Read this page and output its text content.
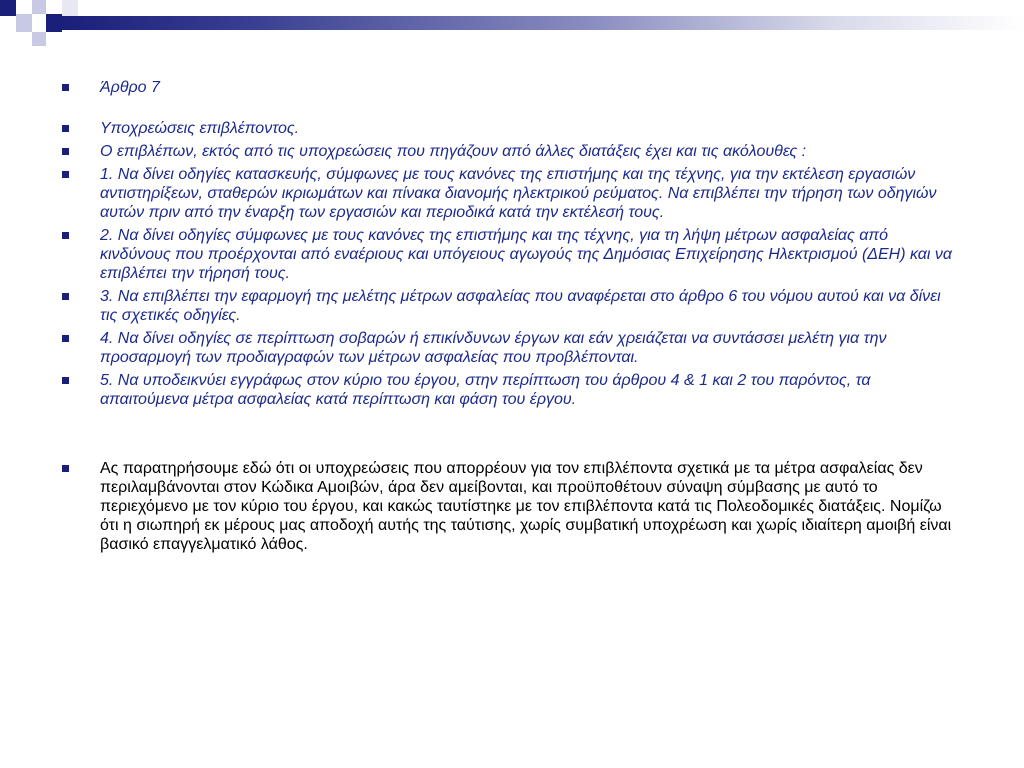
Άρθρο 7
Υποχρεώσεις επιβλέποντος.
Ο επιβλέπων, εκτός από τις υποχρεώσεις που πηγάζουν από άλλες διατάξεις έχει και τις ακόλουθες :
1. Να δίνει οδηγίες κατασκευής, σύμφωνες με τους κανόνες της επιστήμης και της τέχνης, για την εκτέλεση εργασιών αντιστηρίξεων, σταθερών ικριωμάτων και πίνακα διανομής ηλεκτρικού ρεύματος. Να επιβλέπει την τήρηση των οδηγιών αυτών πριν από την έναρξη των εργασιών και περιοδικά κατά την εκτέλεσή τους.
2. Να δίνει οδηγίες σύμφωνες με τους κανόνες της επιστήμης και της τέχνης, για τη λήψη μέτρων ασφαλείας από κινδύνους που προέρχονται από εναέριους και υπόγειους αγωγούς της Δημόσιας Επιχείρησης Ηλεκτρισμού (ΔΕΗ) και να επιβλέπει την τήρησή τους.
3. Να επιβλέπει την εφαρμογή της μελέτης μέτρων ασφαλείας που αναφέρεται στο άρθρο 6 του νόμου αυτού και να δίνει τις σχετικές οδηγίες.
4. Να δίνει οδηγίες σε περίπτωση σοβαρών ή επικίνδυνων έργων και εάν χρειάζεται να συντάσσει μελέτη για την προσαρμογή των προδιαγραφών των μέτρων ασφαλείας που προβλέπονται.
5. Να υποδεικνύει εγγράφως στον κύριο του έργου, στην περίπτωση του άρθρου 4 & 1 και 2 του παρόντος, τα απαιτούμενα μέτρα ασφαλείας κατά περίπτωση και φάση του έργου.
Ας παρατηρήσουμε εδώ ότι οι υποχρεώσεις που απορρέουν για τον επιβλέποντα σχετικά με τα μέτρα ασφαλείας δεν περιλαμβάνονται στον Κώδικα Αμοιβών, άρα δεν αμείβονται, και προϋποθέτουν σύναψη σύμβασης με αυτό το περιεχόμενο με τον κύριο του έργου, και κακώς ταυτίστηκε με τον επιβλέποντα κατά τις Πολεοδομικές διατάξεις. Νομίζω ότι η σιωπηρή εκ μέρους μας αποδοχή αυτής της ταύτισης, χωρίς συμβατική υποχρέωση και χωρίς ιδιαίτερη αμοιβή είναι βασικό επαγγελματικό λάθος.
